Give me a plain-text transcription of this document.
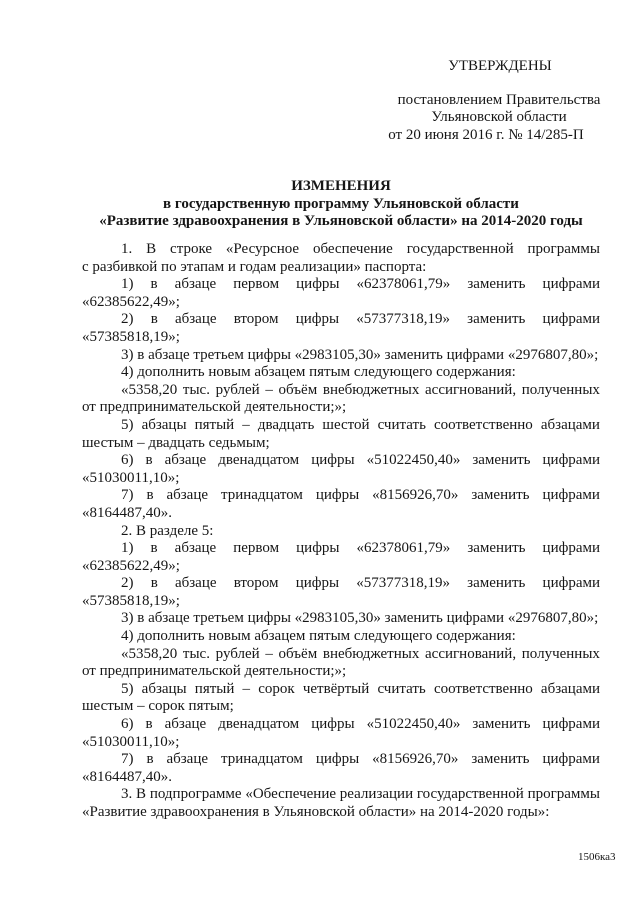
УТВЕРЖДЕНЫ
постановлением Правительства
Ульяновской области
от 20 июня 2016 г. № 14/285-П
ИЗМЕНЕНИЯ
в государственную программу Ульяновской области
«Развитие здравоохранения в Ульяновской области» на 2014-2020 годы
1. В строке «Ресурсное обеспечение государственной программы
с разбивкой по этапам и годам реализации» паспорта:
1) в абзаце первом цифры «62378061,79» заменить цифрами
«62385622,49»;
2) в абзаце втором цифры «57377318,19» заменить цифрами
«57385818,19»;
3) в абзаце третьем цифры «2983105,30» заменить цифрами «2976807,80»;
4) дополнить новым абзацем пятым следующего содержания:
«5358,20 тыс. рублей – объём внебюджетных ассигнований, полученных
от предпринимательской деятельности;»;
5) абзацы пятый – двадцать шестой считать соответственно абзацами
шестым – двадцать седьмым;
6) в абзаце двенадцатом цифры «51022450,40» заменить цифрами
«51030011,10»;
7) в абзаце тринадцатом цифры «8156926,70» заменить цифрами
«8164487,40».
2. В разделе 5:
1) в абзаце первом цифры «62378061,79» заменить цифрами
«62385622,49»;
2) в абзаце втором цифры «57377318,19» заменить цифрами
«57385818,19»;
3) в абзаце третьем цифры «2983105,30» заменить цифрами «2976807,80»;
4) дополнить новым абзацем пятым следующего содержания:
«5358,20 тыс. рублей – объём внебюджетных ассигнований, полученных
от предпринимательской деятельности;»;
5) абзацы пятый – сорок четвёртый считать соответственно абзацами
шестым – сорок пятым;
6) в абзаце двенадцатом цифры «51022450,40» заменить цифрами
«51030011,10»;
7) в абзаце тринадцатом цифры «8156926,70» заменить цифрами
«8164487,40».
3. В подпрограмме «Обеспечение реализации государственной программы
«Развитие здравоохранения в Ульяновской области» на 2014-2020 годы»:
1506ка3
